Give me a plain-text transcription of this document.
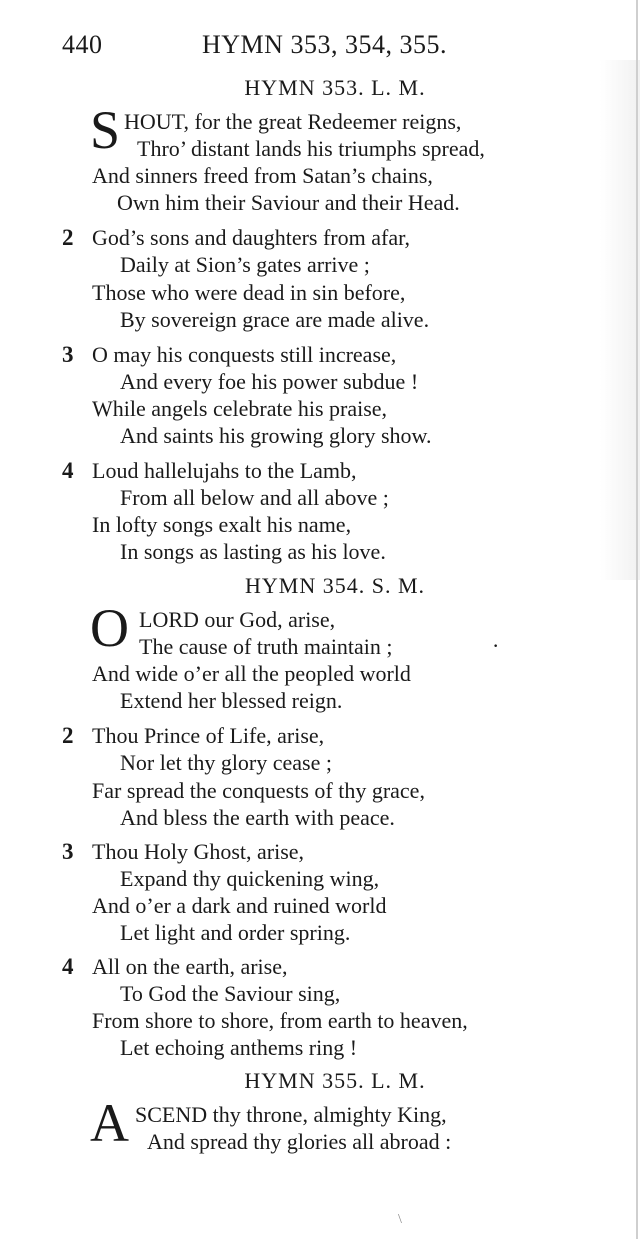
440	HYMN 353, 354, 355.
HYMN 353. L. M.
S HOUT, for the great Redeemer reigns,
Thro’ distant lands his triumphs spread,
And sinners freed from Satan’s chains,
Own him their Saviour and their Head.
2 God’s sons and daughters from afar,
Daily at Sion’s gates arrive ;
Those who were dead in sin before,
By sovereign grace are made alive.
3 O may his conquests still increase,
And every foe his power subdue !
While angels celebrate his praise,
And saints his growing glory show.
4 Loud hallelujahs to the Lamb,
From all below and all above ;
In lofty songs exalt his name,
In songs as lasting as his love.
HYMN 354. S. M.
O LORD our God, arise,
The cause of truth maintain ;	·
And wide o’er all the peopled world
Extend her blessed reign.
2 Thou Prince of Life, arise,
Nor let thy glory cease ;
Far spread the conquests of thy grace,
And bless the earth with peace.
3 Thou Holy Ghost, arise,
Expand thy quickening wing,
And o’er a dark and ruined world
Let light and order spring.
4 All on the earth, arise,
To God the Saviour sing,
From shore to shore, from earth to heaven,
Let echoing anthems ring !
HYMN 355. L. M.
A SCEND thy throne, almighty King,
And spread thy glories all abroad :
\
